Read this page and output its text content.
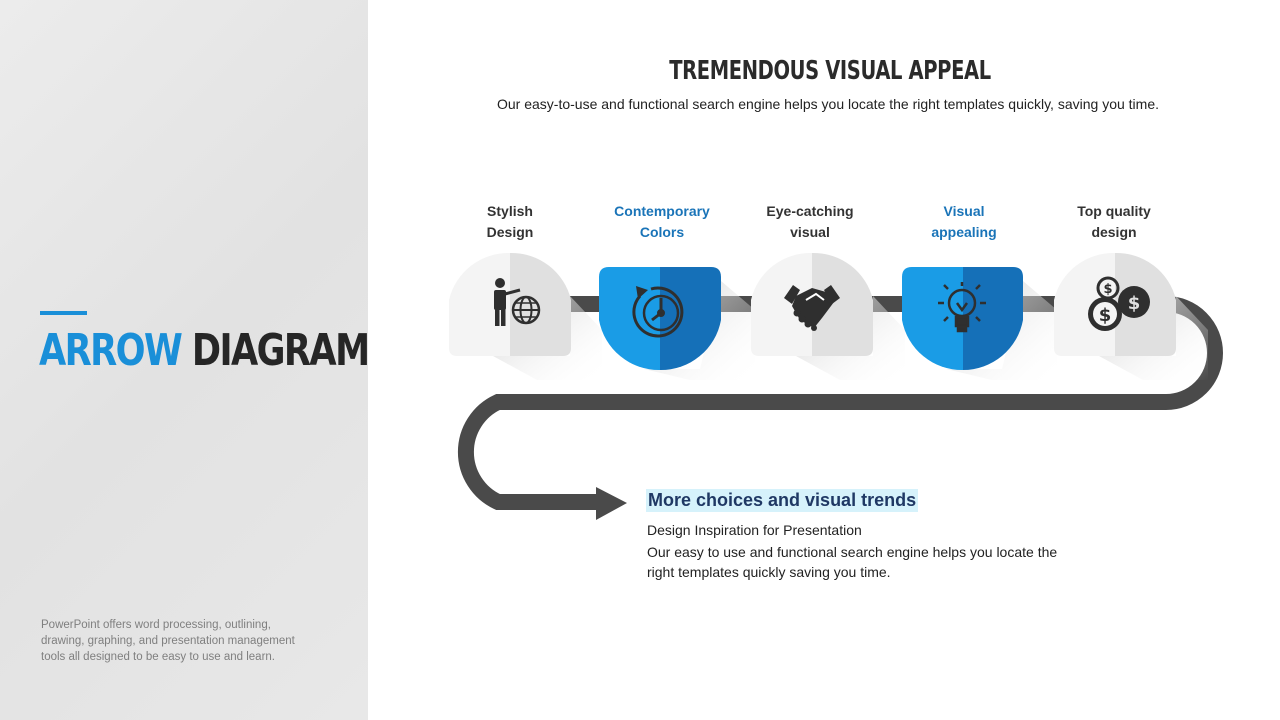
ARROW DIAGRAM

PowerPoint offers word processing, outlining, drawing, graphing, and presentation management tools all designed to be easy to use and learn.

TREMENDOUS VISUAL APPEAL

Our easy-to-use and functional search engine helps you locate the right templates quickly, saving you time.

$
$
$
Stylish
Design
Contemporary
Colors
Eye-catching
visual
Visual
appealing
Top quality
design
More choices and visual trends
Design Inspiration for Presentation

Our easy to use and functional search engine helps you locate the right templates quickly saving you time.
